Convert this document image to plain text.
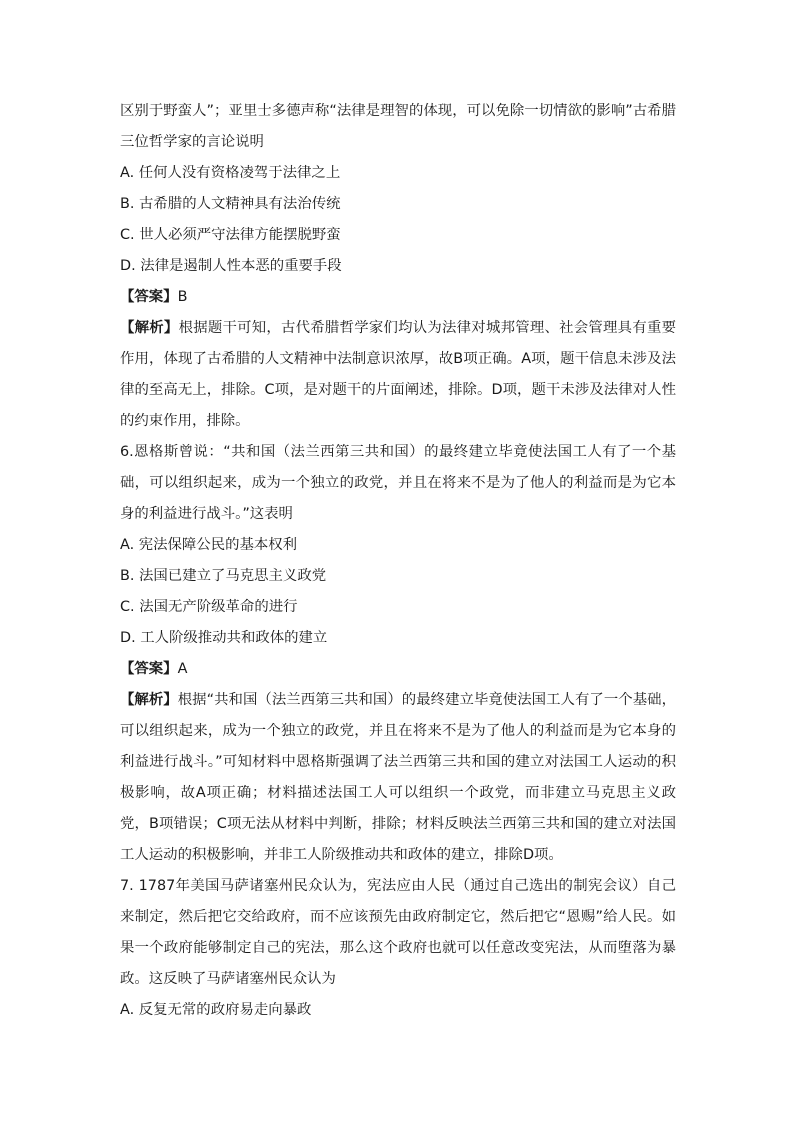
区别于野蛮人”；亚里士多德声称“法律是理智的体现，可以免除一切情欲的影响”古希腊三位哲学家的言论说明

A. 任何人没有资格凌驾于法律之上

B. 古希腊的人文精神具有法治传统

C. 世人必须严守法律方能摆脱野蛮

D. 法律是遏制人性本恶的重要手段

【答案】B

【解析】根据题干可知，古代希腊哲学家们均认为法律对城邦管理、社会管理具有重要作用，体现了古希腊的人文精神中法制意识浓厚，故B项正确。A项，题干信息未涉及法律的至高无上，排除。C项，是对题干的片面阐述，排除。D项，题干未涉及法律对人性的约束作用，排除。

6.恩格斯曾说：“共和国（法兰西第三共和国）的最终建立毕竟使法国工人有了一个基础，可以组织起来，成为一个独立的政党，并且在将来不是为了他人的利益而是为它本身的利益进行战斗。”这表明

A. 宪法保障公民的基本权利

B. 法国已建立了马克思主义政党

C. 法国无产阶级革命的进行

D. 工人阶级推动共和政体的建立

【答案】A

【解析】根据“共和国（法兰西第三共和国）的最终建立毕竟使法国工人有了一个基础，可以组织起来，成为一个独立的政党，并且在将来不是为了他人的利益而是为它本身的利益进行战斗。”可知材料中恩格斯强调了法兰西第三共和国的建立对法国工人运动的积极影响，故A项正确；材料描述法国工人可以组织一个政党，而非建立马克思主义政党，B项错误；C项无法从材料中判断，排除；材料反映法兰西第三共和国的建立对法国工人运动的积极影响，并非工人阶级推动共和政体的建立，排除D项。

7. 1787年美国马萨诸塞州民众认为，宪法应由人民（通过自己选出的制宪会议）自己来制定，然后把它交给政府，而不应该预先由政府制定它，然后把它“恩赐”给人民。如果一个政府能够制定自己的宪法，那么这个政府也就可以任意改变宪法，从而堕落为暴政。这反映了马萨诸塞州民众认为

A. 反复无常的政府易走向暴政
